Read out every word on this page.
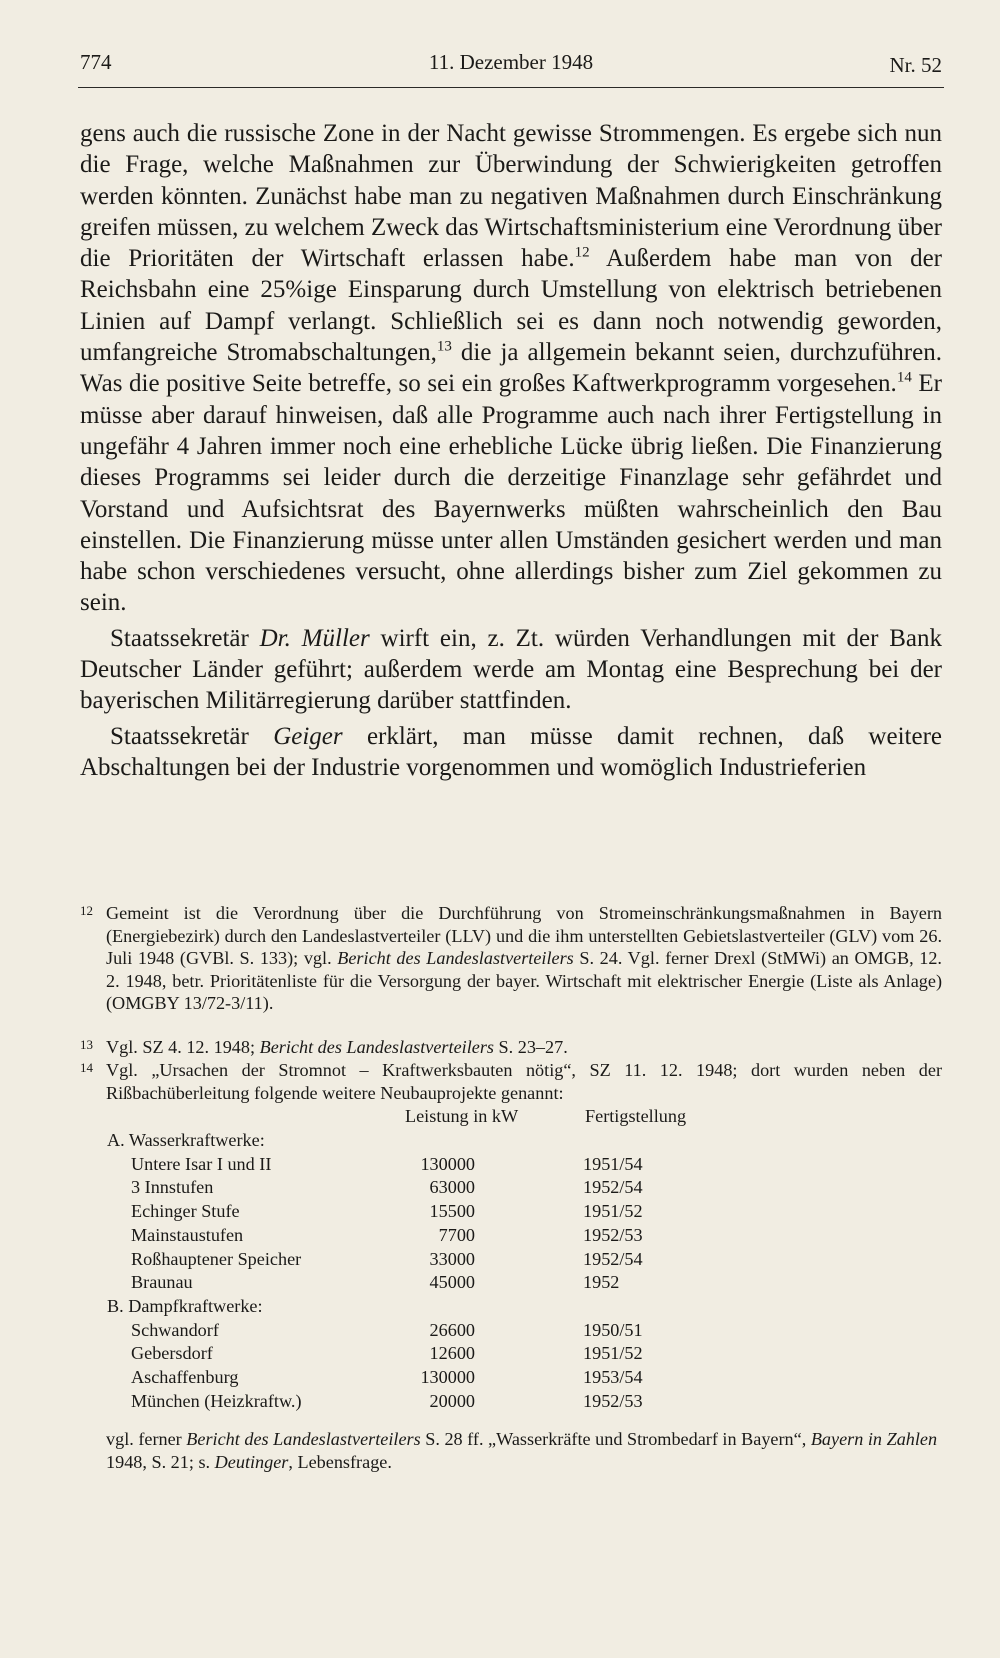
774	11. Dezember 1948	Nr. 52

gens auch die russische Zone in der Nacht gewisse Strommengen. Es ergebe sich nun die Frage, welche Maßnahmen zur Überwindung der Schwierigkeiten getroffen werden könnten. Zunächst habe man zu negativen Maßnahmen durch Einschränkung greifen müssen, zu welchem Zweck das Wirtschaftsministerium eine Verordnung über die Prioritäten der Wirtschaft erlassen habe.$^{12}$ Außerdem habe man von der Reichsbahn eine 25%ige Einsparung durch Umstellung von elektrisch betriebenen Linien auf Dampf verlangt. Schließlich sei es dann noch notwendig geworden, umfangreiche Stromabschaltungen,$^{13}$ die ja allgemein bekannt seien, durchzuführen. Was die positive Seite betreffe, so sei ein großes Kaftwerkprogramm vorgesehen.$^{14}$ Er müsse aber darauf hinweisen, daß alle Programme auch nach ihrer Fertigstellung in ungefähr 4 Jahren immer noch eine erhebliche Lücke übrig ließen. Die Finanzierung dieses Programms sei leider durch die derzeitige Finanzlage sehr gefährdet und Vorstand und Aufsichtsrat des Bayernwerks müßten wahrscheinlich den Bau einstellen. Die Finanzierung müsse unter allen Umständen gesichert werden und man habe schon verschiedenes versucht, ohne allerdings bisher zum Ziel gekommen zu sein.

Staatssekretär Dr. Müller wirft ein, z. Zt. würden Verhandlungen mit der Bank Deutscher Länder geführt; außerdem werde am Montag eine Besprechung bei der bayerischen Militärregierung darüber stattfinden.

Staatssekretär Geiger erklärt, man müsse damit rechnen, daß weitere Abschaltungen bei der Industrie vorgenommen und womöglich Industrieferien

12 Gemeint ist die Verordnung über die Durchführung von Stromeinschränkungsmaßnahmen in Bayern (Energiebezirk) durch den Landeslastverteiler (LLV) und die ihm unterstellten Gebietslastverteiler (GLV) vom 26. Juli 1948 (GVBl. S. 133); vgl. Bericht des Landeslastverteilers S. 24. Vgl. ferner Drexl (StMWi) an OMGB, 12. 2. 1948, betr. Prioritätenliste für die Versorgung der bayer. Wirtschaft mit elektrischer Energie (Liste als Anlage) (OMGBY 13/72-3/11).
13 Vgl. SZ 4. 12. 1948; Bericht des Landeslastverteilers S. 23–27.
14 Vgl. „Ursachen der Stromnot – Kraftwerksbauten nötig“, SZ 11. 12. 1948; dort wurden neben der Rißbachüberleitung folgende weitere Neubauprojekte genannt:
Leistung in kW	Fertigstellung
A. Wasserkraftwerke:
Untere Isar I und II	130000	1951/54
3 Innstufen	63000	1952/54
Echinger Stufe	15500	1951/52
Mainstaustufen	7700	1952/53
Roßhauptener Speicher	33000	1952/54
Braunau	45000	1952
B. Dampfkraftwerke:
Schwandorf	26600	1950/51
Gebersdorf	12600	1951/52
Aschaffenburg	130000	1953/54
München (Heizkraftw.)	20000	1952/53
vgl. ferner Bericht des Landeslastverteilers S. 28 ff. „Wasserkräfte und Strombedarf in Bayern“, Bayern in Zahlen 1948, S. 21; s. Deutinger, Lebensfrage.
